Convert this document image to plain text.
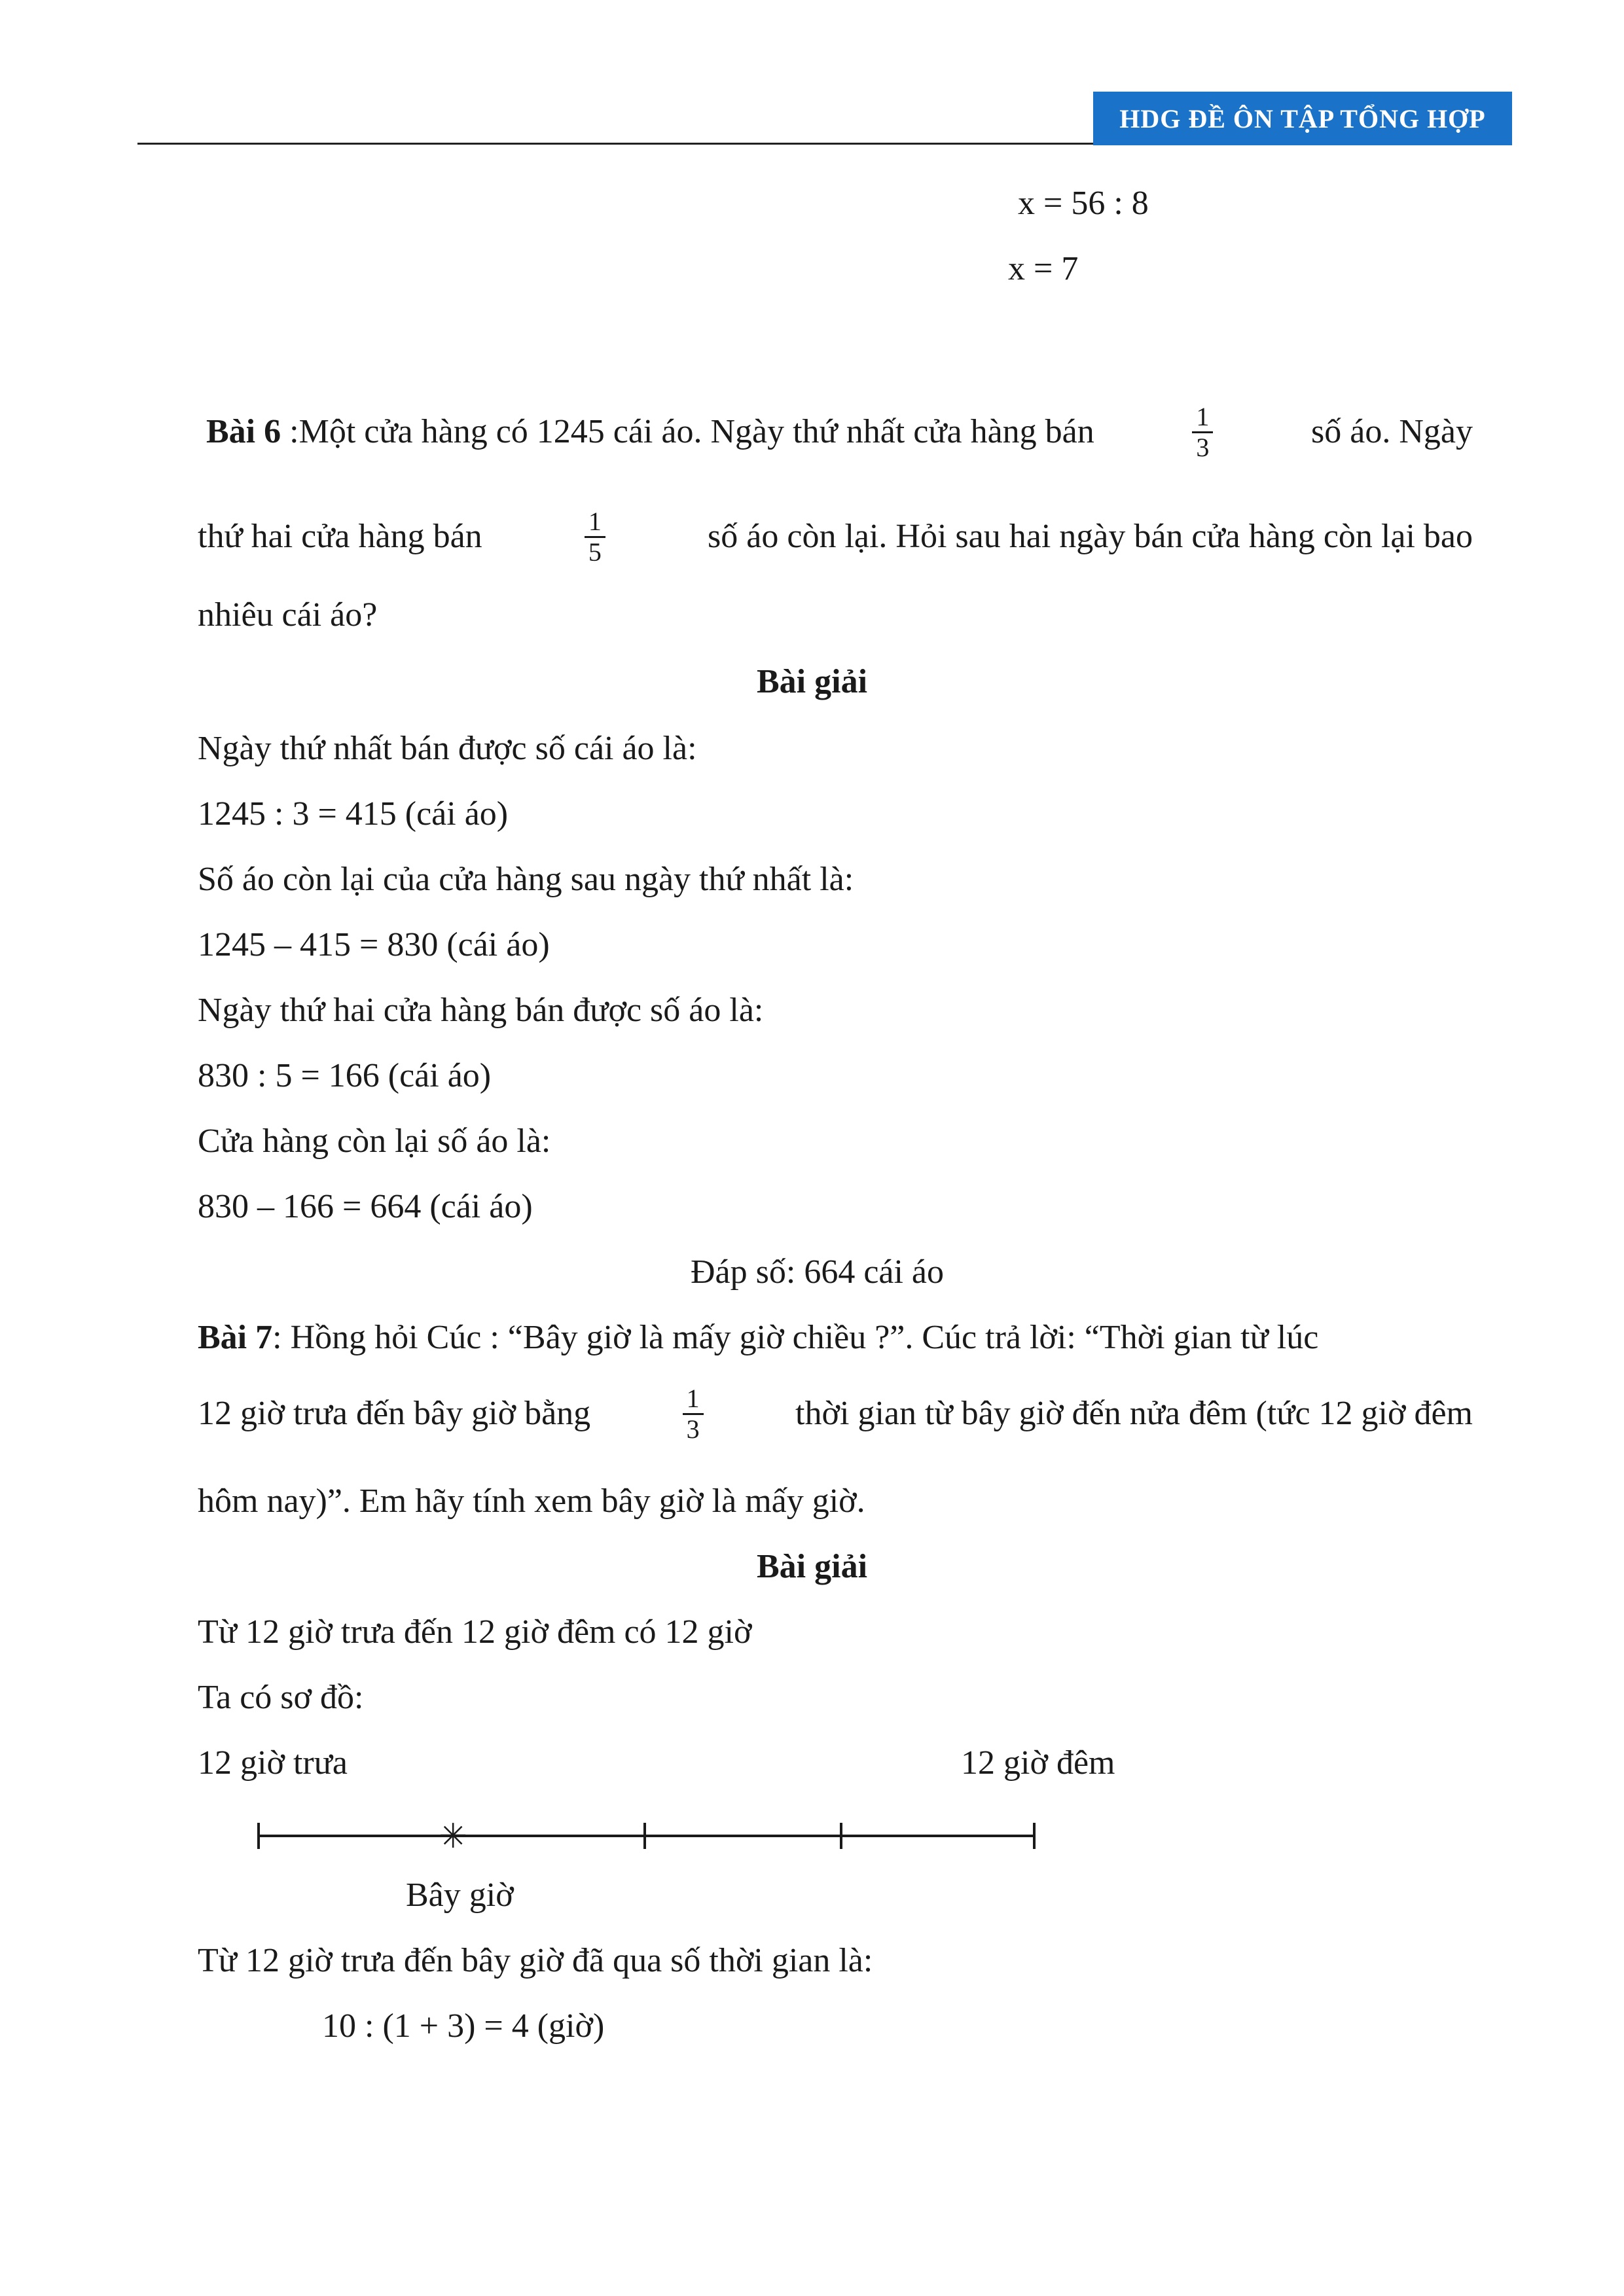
HDG ĐỀ ÔN TẬP TỔNG HỢP
x = 56 : 8
x = 7
Bài 6 :Một cửa hàng có 1245 cái áo. Ngày thứ nhất cửa hàng bán	$\frac{1}{3}$	số áo. Ngày
thứ hai cửa hàng bán	$\frac{1}{5}$	số áo còn lại. Hỏi sau hai ngày bán cửa hàng còn lại bao
nhiêu cái áo?
Bài giải
Ngày thứ nhất bán được số cái áo là:
1245 : 3 = 415 (cái áo)
Số áo còn lại của cửa hàng sau ngày thứ nhất là:
1245 – 415 = 830 (cái áo)
Ngày thứ hai cửa hàng bán được số áo là:
830 : 5 = 166 (cái áo)
Cửa hàng còn lại số áo là:
830 – 166 = 664 (cái áo)
Đáp số: 664 cái áo
Bài 7: Hồng hỏi Cúc : “Bây giờ là mấy giờ chiều ?”. Cúc trả lời: “Thời gian từ lúc
12 giờ trưa đến bây giờ bằng	$\frac{1}{3}$	thời gian từ bây giờ đến nửa đêm (tức 12 giờ đêm
hôm nay)”. Em hãy tính xem bây giờ là mấy giờ.
Bài giải
Từ 12 giờ trưa đến 12 giờ đêm có 12 giờ
Ta có sơ đồ:
12 giờ trưa	12 giờ đêm
✳
Bây giờ
Từ 12 giờ trưa đến bây giờ đã qua số thời gian là:
10 : (1 + 3) = 4 (giờ)
